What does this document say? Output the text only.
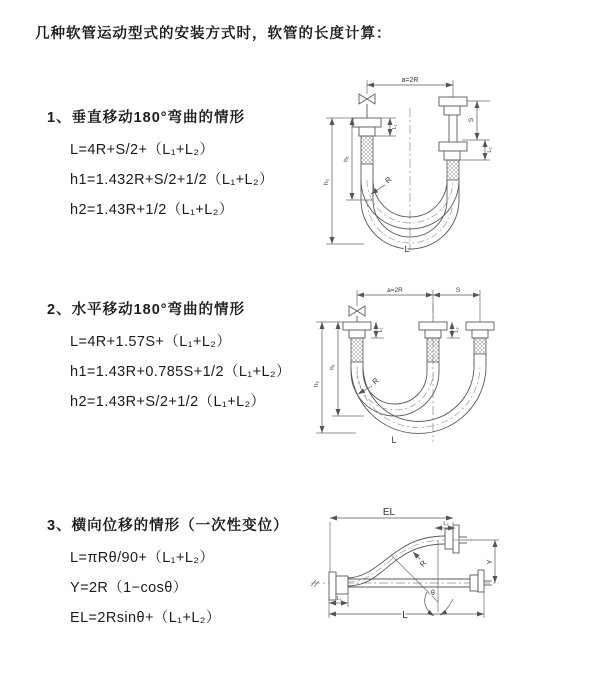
几种软管运动型式的安装方式时，软管的长度计算：
1、垂直移动180°弯曲的情形
L=4R+S/2+（L₁+L₂）
h1=1.432R+S/2+1/2（L₁+L₂）
h2=1.43R+1/2（L₁+L₂）
2、水平移动180°弯曲的情形
L=4R+1.57S+（L₁+L₂）
h1=1.43R+0.785S+1/2（L₁+L₂）
h2=1.43R+S/2+1/2（L₁+L₂）
3、横向位移的情形（一次性变位）
L=πRθ/90+（L₁+L₂）
Y=2R（1−cosθ）
EL=2Rsinθ+（L₁+L₂）
a=2R
h₁
h₂
L₁
S
L₂
R
L
a=2R	S
h₁
h₂
L₁	L₂
R
L
EL
L₂
Y
θ
R
L₁
L
